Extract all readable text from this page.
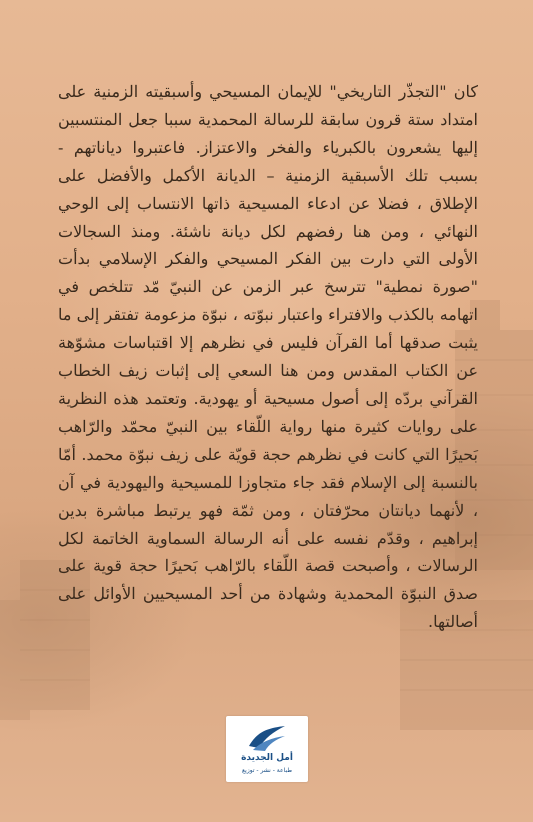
كان "التجذّر التاريخي" للإيمان المسيحي وأسبقيته الزمنية على امتداد ستة قرون سابقة للرسالة المحمدية سببا جعل المنتسبين إليها يشعرون بالكبرياء والفخر والاعتزاز. فاعتبروا دياناتهم - بسبب تلك الأسبقية الزمنية – الديانة الأكمل والأفضل على الإطلاق ، فضلا عن ادعاء المسيحية ذاتها الانتساب إلى الوحي النهائي ، ومن هنا رفضهم لكل ديانة ناشئة. ومنذ السجالات الأولى التي دارت بين الفكر المسيحي والفكر الإسلامي بدأت "صورة نمطية" تترسخ عبر الزمن عن النبيّ مّد تتلخص في اتهامه بالكذب والافتراء واعتبار نبوّته ، نبوّة مزعومة تفتقر إلى ما يثبت صدقها أما القرآن فليس في نظرهم إلا اقتباسات مشوّهة عن الكتاب المقدس ومن هنا السعي إلى إثبات زيف الخطاب القرآني بردّه إلى أصول مسيحية أو يهودية. وتعتمد هذه النظرية على روايات كثيرة منها رواية اللّقاء بين النبيّ محمّد والرّاهب بَحيرًا التي كانت في نظرهم حجة قويّة على زيف نبوّة محمد. أمّا بالنسبة إلى الإسلام فقد جاء متجاوزا للمسيحية واليهودية في آن ، لأنهما ديانتان محرّفتان ، ومن ثمّة فهو يرتبط مباشرة بدين إبراهيم ، وقدّم نفسه على أنه الرسالة السماوية الخاتمة لكل الرسالات ، وأصبحت قصة اللّقاء بالرّاهب بَحيرًا حجة قوية على صدق النبوّة المحمدية وشهادة من أحد المسيحيين الأوائل على أصالتها.

أمل الجديدة
طباعة - نشر - توزيع
